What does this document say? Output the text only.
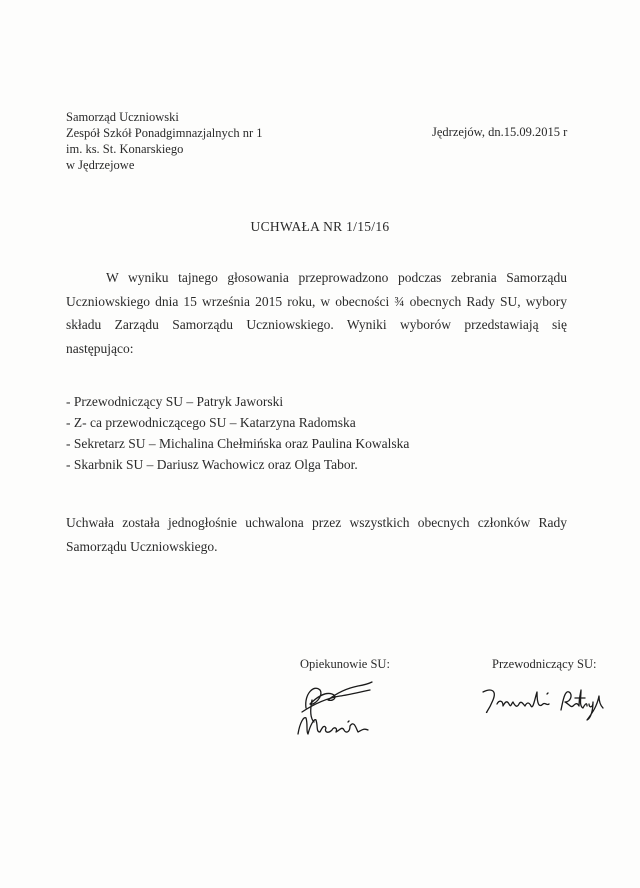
Samorząd Uczniowski
Zespół Szkół Ponadgimnazjalnych nr 1
im. ks. St. Konarskiego
w Jędrzejowe
Jędrzejów, dn.15.09.2015 r
UCHWAŁA NR 1/15/16
W wyniku tajnego głosowania przeprowadzono podczas zebrania Samorządu Uczniowskiego dnia 15 września 2015 roku, w obecności ¾ obecnych Rady SU, wybory składu Zarządu Samorządu Uczniowskiego. Wyniki wyborów przedstawiają się następująco:
- Przewodniczący SU – Patryk Jaworski
- Z- ca przewodniczącego SU – Katarzyna Radomska
- Sekretarz SU – Michalina Chełmińska oraz Paulina Kowalska
- Skarbnik SU – Dariusz Wachowicz oraz Olga Tabor.
Uchwała została jednogłośnie uchwalona przez wszystkich obecnych członków Rady Samorządu Uczniowskiego.
Opiekunowie SU:	Przewodniczący SU:
